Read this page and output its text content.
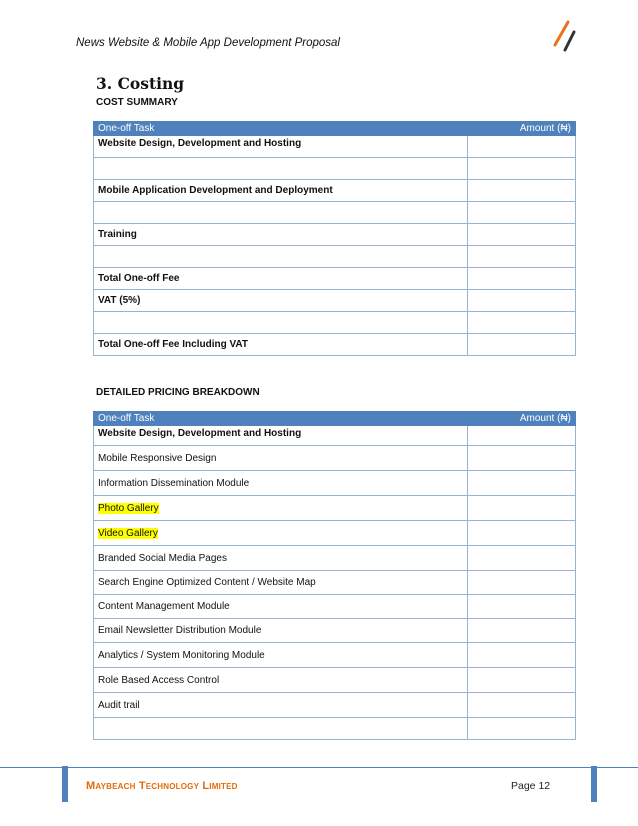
News Website & Mobile App Development Proposal
3. Costing
COST SUMMARY
One-off Task	Amount (₦)
Website Design, Development and Hosting	

Mobile Application Development and Deployment	

Training	

Total One-off Fee	
VAT (5%)	

Total One-off Fee Including VAT	
DETAILED PRICING BREAKDOWN
One-off Task	Amount (₦)
Website Design, Development and Hosting	
Mobile Responsive Design	
Information Dissemination Module	
Photo Gallery	
Video Gallery	
Branded Social Media Pages	
Search Engine Optimized Content / Website Map	
Content Management Module	
Email Newsletter Distribution Module	
Analytics / System Monitoring Module	
Role Based Access Control	
Audit trail	

Maybeach Technology Limited	Page 12
